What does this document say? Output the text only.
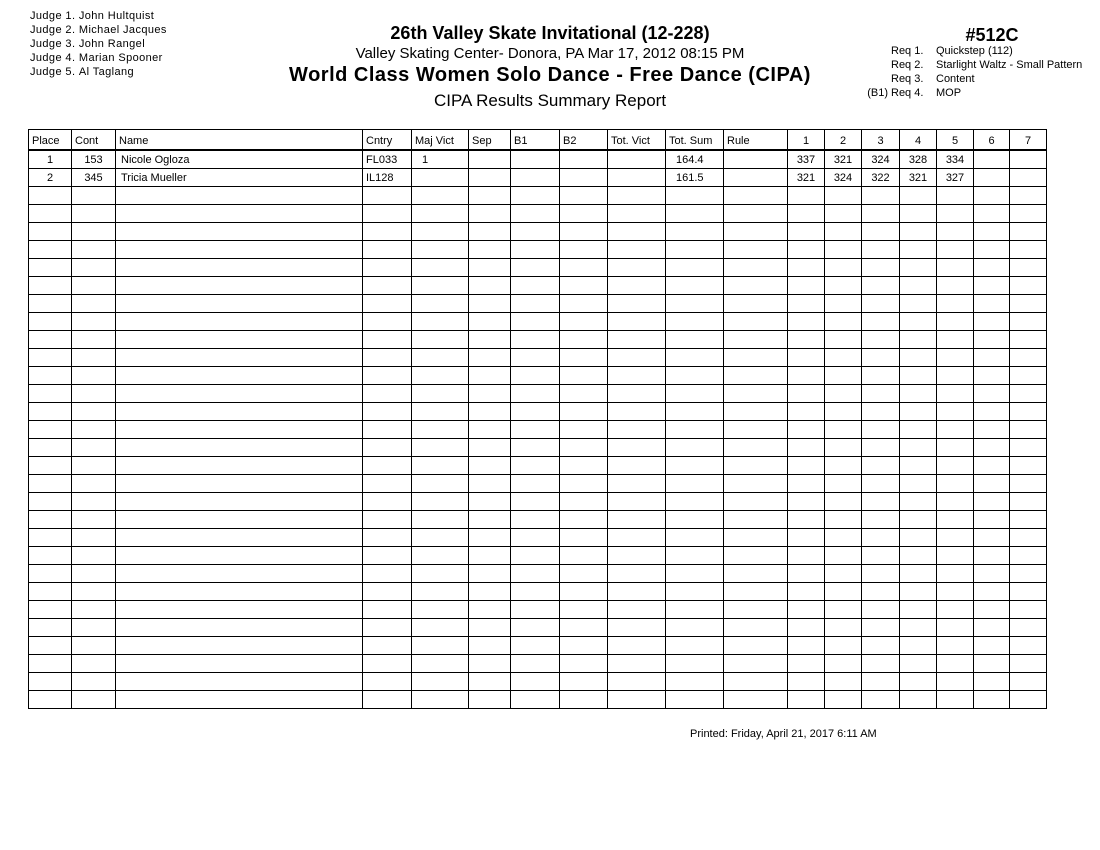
Judge 1. John Hultquist
Judge 2. Michael Jacques
Judge 3. John Rangel
Judge 4. Marian Spooner
Judge 5. Al Taglang
26th Valley Skate Invitational (12-228)
Valley Skating Center- Donora, PA Mar 17, 2012 08:15 PM
World Class Women Solo Dance - Free Dance (CIPA)
CIPA Results Summary Report
#512C
Req 1. Quickstep (112)
Req 2. Starlight Waltz - Small Pattern
Req 3. Content
(B1) Req 4. MOP
Place	Cont	Name	Cntry	Maj Vict	Sep	B1	B2	Tot. Vict	Tot. Sum	Rule	1	2	3	4	5	6	7
1	153	Nicole Ogloza	FL033	1					164.4		337	321	324	328	334		
2	345	Tricia Mueller	IL128						161.5		321	324	322	321	327		

Printed: Friday, April 21, 2017 6:11 AM
